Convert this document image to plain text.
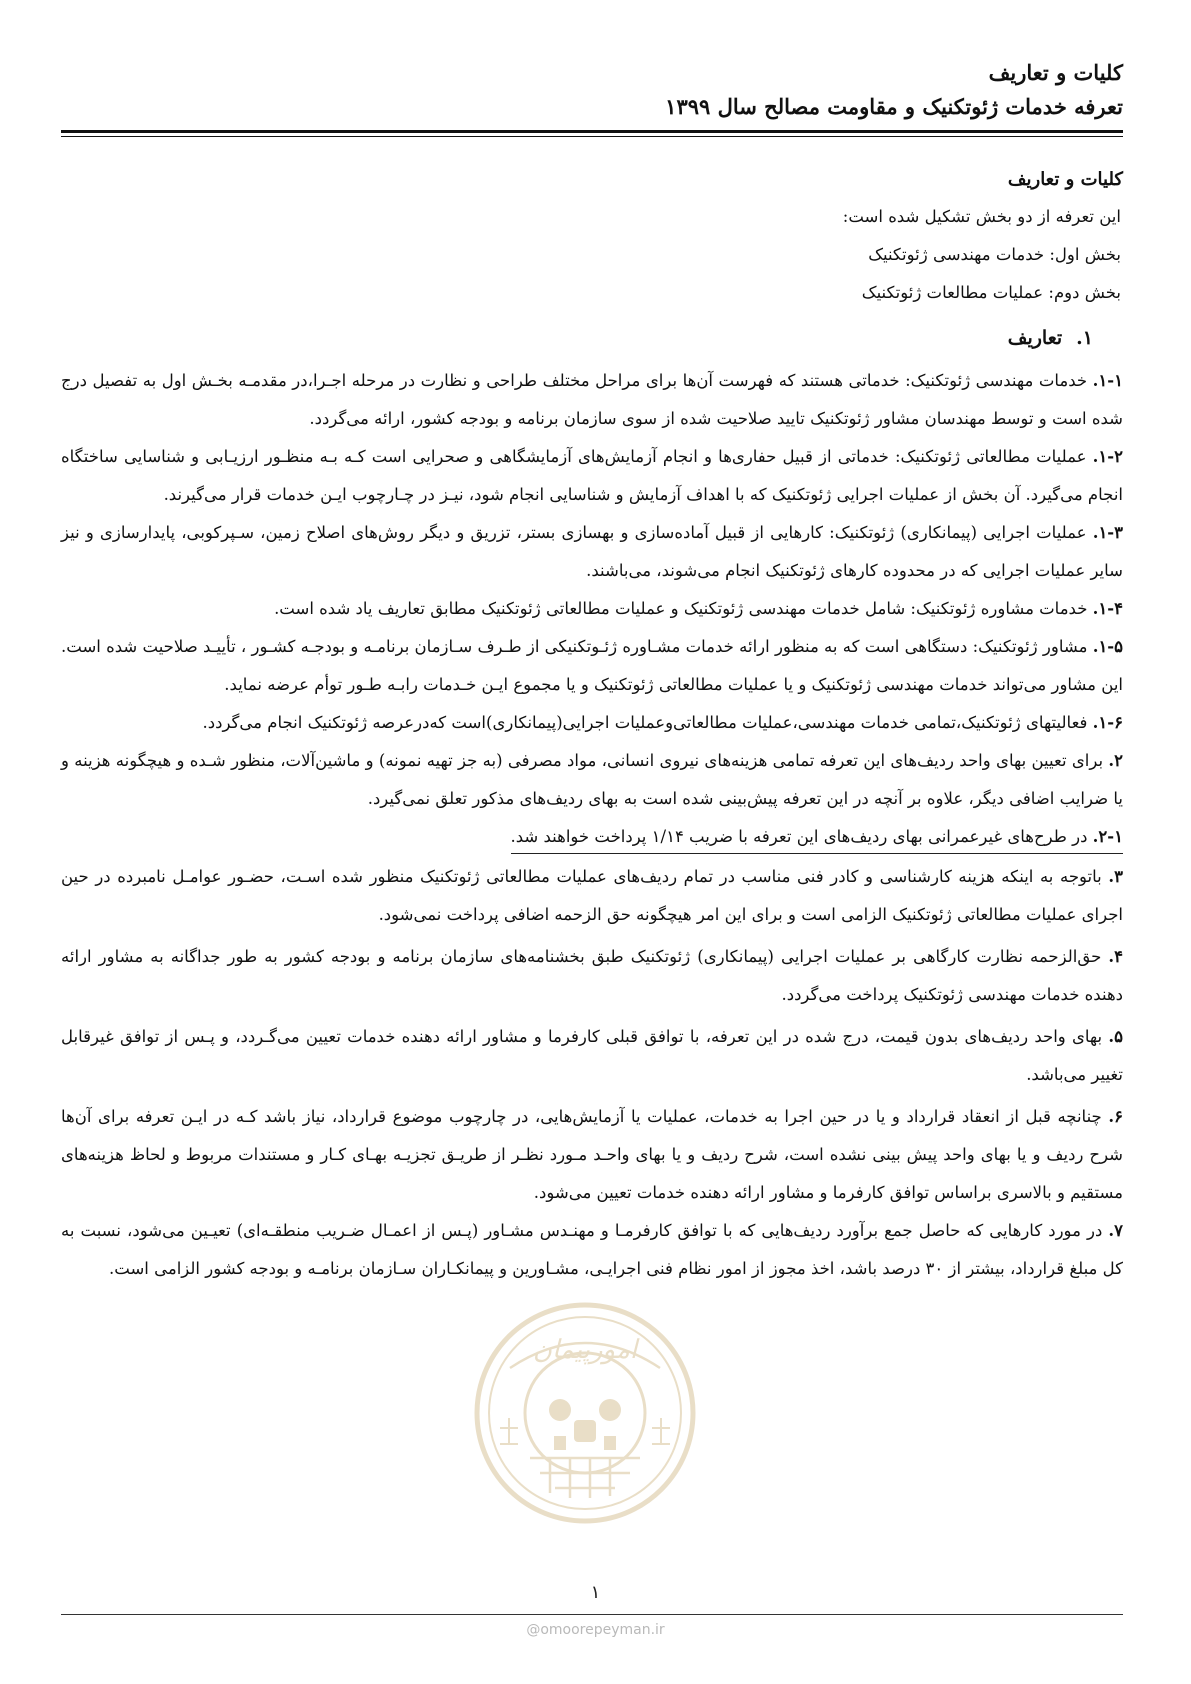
کلیات و تعاریف
تعرفه خدمات ژئوتکنیک و مقاومت مصالح سال ۱۳۹۹
کلیات و تعاریف
این تعرفه از دو بخش تشکیل شده است:
بخش اول: خدمات مهندسی ژئوتکنیک
بخش دوم: عملیات مطالعات ژئوتکنیک
۱.تعاریف

۱-۱. خدمات مهندسی ژئوتکنیک: خدماتی هستند که فهرست آن‌ها برای مراحل مختلف طراحی و نظارت در مرحله اجـرا،در مقدمـه بخـش اول به تفصیل درج شده است و توسط مهندسان مشاور ژئوتکنیک تایید صلاحیت شده از سوی سازمان برنامه و بودجه کشور، ارائه می‌گردد.

۱-۲. عملیات مطالعاتی ژئوتکنیک: خدماتی از قبیل حفاری‌ها و انجام آزمایش‌های آزمایشگاهی و صحرایی است کـه بـه منظـور ارزیـابی و شناسایی ساختگاه انجام می‌گیرد. آن بخش از عملیات اجرایی ژئوتکنیک که با اهداف آزمایش و شناسایی انجام شود، نیـز در چـارچوب ایـن خدمات قرار می‌گیرند.

۱-۳. عملیات اجرایی (پیمانکاری) ژئوتکنیک: کارهایی از قبیل آماده‌سازی و بهسازی بستر، تزریق و دیگر روش‌های اصلاح زمین، سـپرکوبی، پایدارسازی و نیز سایر عملیات اجرایی که در محدوده کارهای ژئوتکنیک انجام می‌شوند، می‌باشند.

۱-۴. خدمات مشاوره ژئوتکنیک: شامل خدمات مهندسی ژئوتکنیک و عملیات مطالعاتی ژئوتکنیک مطابق تعاریف یاد شده است.

۱-۵. مشاور ژئوتکنیک: دستگاهی است که به منظور ارائه خدمات مشـاوره ژئـوتکنیکی از طـرف سـازمان برنامـه و بودجـه کشـور ، تأییـد صلاحیت شده است. این مشاور می‌تواند خدمات مهندسی ژئوتکنیک و یا عملیات مطالعاتی ژئوتکنیک و یا مجموع ایـن خـدمات رابـه طـور توأم عرضه نماید.

۱-۶. فعالیتهای ژئوتکنیک،تمامی خدمات مهندسی،عملیات مطالعاتی‌وعملیات اجرایی(پیمانکاری)است که‌درعرصه ژئوتکنیک انجام می‌گردد.

۲. برای تعیین بهای واحد ردیف‌های این تعرفه تمامی هزینه‌های نیروی انسانی، مواد مصرفی (به جز تهیه نمونه) و ماشین‌آلات، منظور شـده و هیچگونه هزینه و یا ضرایب اضافی دیگر، علاوه بر آنچه در این تعرفه پیش‌بینی شده است به بهای ردیف‌های مذکور تعلق نمی‌گیرد.

۲-۱. در طرح‌های غیرعمرانی بهای ردیف‌های این تعرفه با ضریب ۱/۱۴ پرداخت خواهند شد.

۳. باتوجه به اینکه هزینه کارشناسی و کادر فنی مناسب در تمام ردیف‌های عملیات مطالعاتی ژئوتکنیک منظور شده اسـت، حضـور عوامـل نامبرده در حین اجرای عملیات مطالعاتی ژئوتکنیک الزامی است و برای این امر هیچگونه حق الزحمه اضافی پرداخت نمی‌شود.

۴. حق‌الزحمه نظارت کارگاهی بر عملیات اجرایی (پیمانکاری) ژئوتکنیک طبق بخشنامه‌های سازمان برنامه و بودجه کشور به طور جداگانه به مشاور ارائه دهنده خدمات مهندسی ژئوتکنیک پرداخت می‌گردد.

۵. بهای واحد ردیف‌های بدون قیمت، درج شده در این تعرفه، با توافق قبلی کارفرما و مشاور ارائه دهنده خدمات تعیین می‌گـردد، و پـس از توافق غیرقابل تغییر می‌باشد.

۶. چنانچه قبل از انعقاد قرارداد و یا در حین اجرا به خدمات، عملیات یا آزمایش‌هایی، در چارچوب موضوع قرارداد، نیاز باشد کـه در ایـن تعرفه برای آن‌ها شرح ردیف و یا بهای واحد پیش بینی نشده است، شرح ردیف و یا بهای واحـد مـورد نظـر از طریـق تجزیـه بهـای کـار و مستندات مربوط و لحاظ هزینه‌های مستقیم و بالاسری براساس توافق کارفرما و مشاور ارائه دهنده خدمات تعیین می‌شود.

۷. در مورد کارهایی که حاصل جمع برآورد ردیف‌هایی که با توافق کارفرمـا و مهنـدس مشـاور (پـس از اعمـال ضـریب منطقـه‌ای) تعیـین می‌شود، نسبت به کل مبلغ قرارداد، بیشتر از ۳۰ درصد باشد، اخذ مجوز از امور نظام فنی اجرایـی، مشـاورین و پیمانکـاران سـازمان برنامـه و بودجه کشور الزامی است.

امورپیمان
۱
@omoorepeyman.ir
